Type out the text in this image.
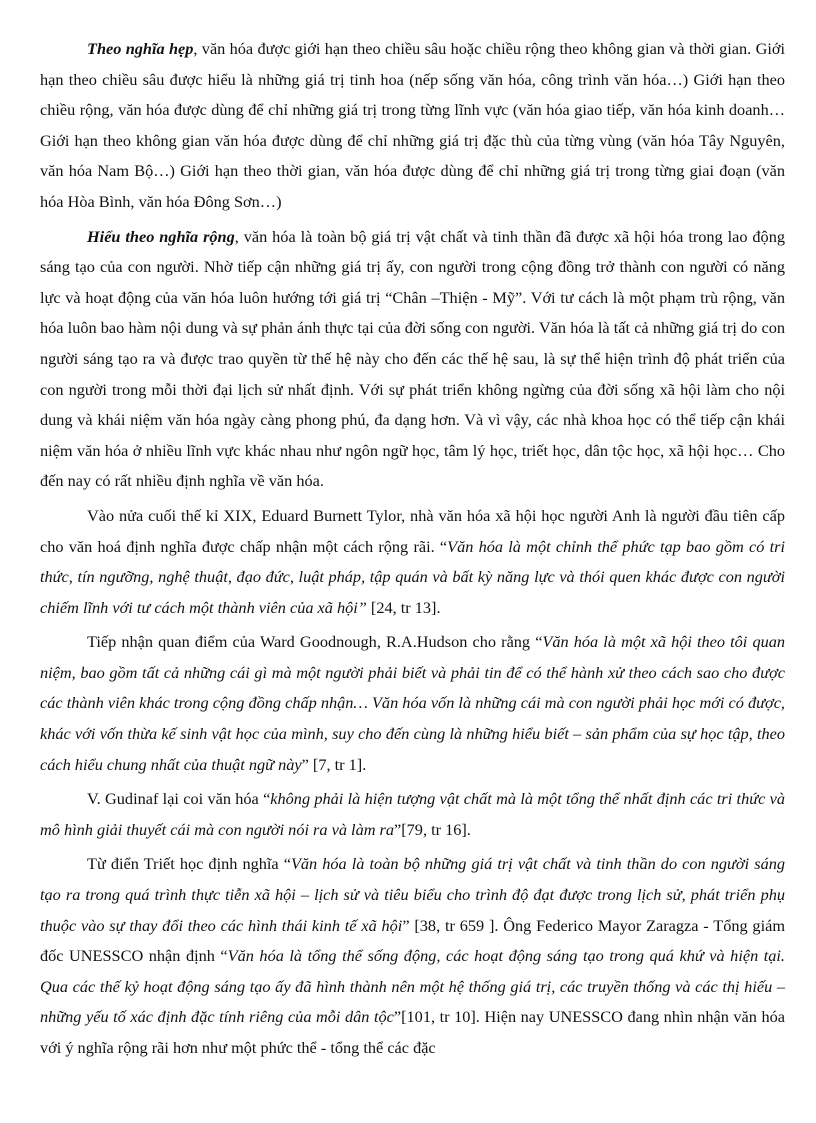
Theo nghĩa hẹp, văn hóa được giới hạn theo chiều sâu hoặc chiều rộng theo không gian và thời gian. Giới hạn theo chiều sâu được hiểu là những giá trị tinh hoa (nếp sống văn hóa, công trình văn hóa…) Giới hạn theo chiều rộng, văn hóa được dùng để chỉ những giá trị trong từng lĩnh vực (văn hóa giao tiếp, văn hóa kinh doanh… Giới hạn theo không gian văn hóa được dùng để chỉ những giá trị đặc thù của từng vùng (văn hóa Tây Nguyên, văn hóa Nam Bộ…) Giới hạn theo thời gian, văn hóa được dùng để chỉ những giá trị trong từng giai đoạn (văn hóa Hòa Bình, văn hóa Đông Sơn…)

Hiểu theo nghĩa rộng, văn hóa là toàn bộ giá trị vật chất và tinh thần đã được xã hội hóa trong lao động sáng tạo của con người. Nhờ tiếp cận những giá trị ấy, con người trong cộng đồng trở thành con người có năng lực và hoạt động của văn hóa luôn hướng tới giá trị “Chân –Thiện - Mỹ”. Với tư cách là một phạm trù rộng, văn hóa luôn bao hàm nội dung và sự phản ánh thực tại của đời sống con người. Văn hóa là tất cả những giá trị do con người sáng tạo ra và được trao quyền từ thế hệ này cho đến các thế hệ sau, là sự thể hiện trình độ phát triển của con người trong mỗi thời đại lịch sử nhất định. Với sự phát triển không ngừng của đời sống xã hội làm cho nội dung và khái niệm văn hóa ngày càng phong phú, đa dạng hơn. Và vì vậy, các nhà khoa học có thể tiếp cận khái niệm văn hóa ở nhiều lĩnh vực khác nhau như ngôn ngữ học, tâm lý học, triết học, dân tộc học, xã hội học… Cho đến nay có rất nhiều định nghĩa về văn hóa.

Vào nửa cuối thế kỉ XIX, Eduard Burnett Tylor, nhà văn hóa xã hội học người Anh là người đầu tiên cấp cho văn hoá định nghĩa được chấp nhận một cách rộng rãi. “Văn hóa là một chỉnh thể phức tạp bao gồm có tri thức, tín ngưỡng, nghệ thuật, đạo đức, luật pháp, tập quán và bất kỳ năng lực và thói quen khác được con người chiếm lĩnh với tư cách một thành viên của xã hội” [24, tr 13].

Tiếp nhận quan điểm của Ward Goodnough, R.A.Hudson cho rằng “Văn hóa là một xã hội theo tôi quan niệm, bao gồm tất cả những cái gì mà một người phải biết và phải tin để có thể hành xử theo cách sao cho được các thành viên khác trong cộng đồng chấp nhận… Văn hóa vốn là những cái mà con người phải học mới có được, khác với vốn thừa kế sinh vật học của mình, suy cho đến cùng là những hiểu biết – sản phẩm của sự học tập, theo cách hiểu chung nhất của thuật ngữ này” [7, tr 1].

V. Gudinaf lại coi văn hóa “không phải là hiện tượng vật chất mà là một tổng thể nhất định các tri thức và mô hình giải thuyết cái mà con người nói ra và làm ra”[79, tr 16].

Từ điển Triết học định nghĩa “Văn hóa là toàn bộ những giá trị vật chất và tinh thần do con người sáng tạo ra trong quá trình thực tiễn xã hội – lịch sử và tiêu biểu cho trình độ đạt được trong lịch sử, phát triển phụ thuộc vào sự thay đổi theo các hình thái kinh tế xã hội” [38, tr 659 ]. Ông Federico Mayor Zaragza - Tổng giám đốc UNESSCO nhận định “Văn hóa là tổng thể sống động, các hoạt động sáng tạo trong quá khứ và hiện tại. Qua các thế kỷ hoạt động sáng tạo ấy đã hình thành nên một hệ thống giá trị, các truyền thống và các thị hiếu – những yếu tố xác định đặc tính riêng của mỗi dân tộc”[101, tr 10]. Hiện nay UNESSCO đang nhìn nhận văn hóa với ý nghĩa rộng rãi hơn như một phức thể - tổng thể các đặc
